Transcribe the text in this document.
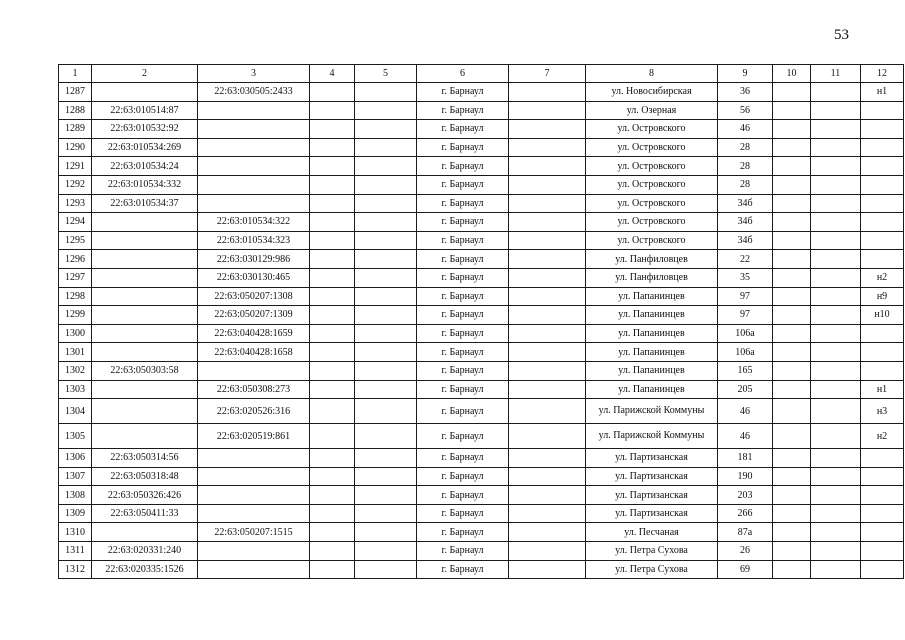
53
1	2	3	4	5	6	7	8	9	10	11	12
1287		22:63:030505:2433			г. Барнаул		ул. Новосибирская	36			н1
1288	22:63:010514:87				г. Барнаул		ул. Озерная	56			
1289	22:63:010532:92				г. Барнаул		ул. Островского	46			
1290	22:63:010534:269				г. Барнаул		ул. Островского	28			
1291	22:63:010534:24				г. Барнаул		ул. Островского	28			
1292	22:63:010534:332				г. Барнаул		ул. Островского	28			
1293	22:63:010534:37				г. Барнаул		ул. Островского	34б			
1294		22:63:010534:322			г. Барнаул		ул. Островского	34б			
1295		22:63:010534:323			г. Барнаул		ул. Островского	34б			
1296		22:63:030129:986			г. Барнаул		ул. Панфиловцев	22			
1297		22:63:030130:465			г. Барнаул		ул. Панфиловцев	35			н2
1298		22:63:050207:1308			г. Барнаул		ул. Папанинцев	97			н9
1299		22:63:050207:1309			г. Барнаул		ул. Папанинцев	97			н10
1300		22:63:040428:1659			г. Барнаул		ул. Папанинцев	106а			
1301		22:63:040428:1658			г. Барнаул		ул. Папанинцев	106а			
1302	22:63:050303:58				г. Барнаул		ул. Папанинцев	165			
1303		22:63:050308:273			г. Барнаул		ул. Папанинцев	205			н1
1304		22:63:020526:316			г. Барнаул		ул. Парижской Коммуны	46			н3
1305		22:63:020519:861			г. Барнаул		ул. Парижской Коммуны	46			н2
1306	22:63:050314:56				г. Барнаул		ул. Партизанская	181			
1307	22:63:050318:48				г. Барнаул		ул. Партизанская	190			
1308	22:63:050326:426				г. Барнаул		ул. Партизанская	203			
1309	22:63:050411:33				г. Барнаул		ул. Партизанская	266			
1310		22:63:050207:1515			г. Барнаул		ул. Песчаная	87а			
1311	22:63:020331:240				г. Барнаул		ул. Петра Сухова	26			
1312	22:63:020335:1526				г. Барнаул		ул. Петра Сухова	69			
